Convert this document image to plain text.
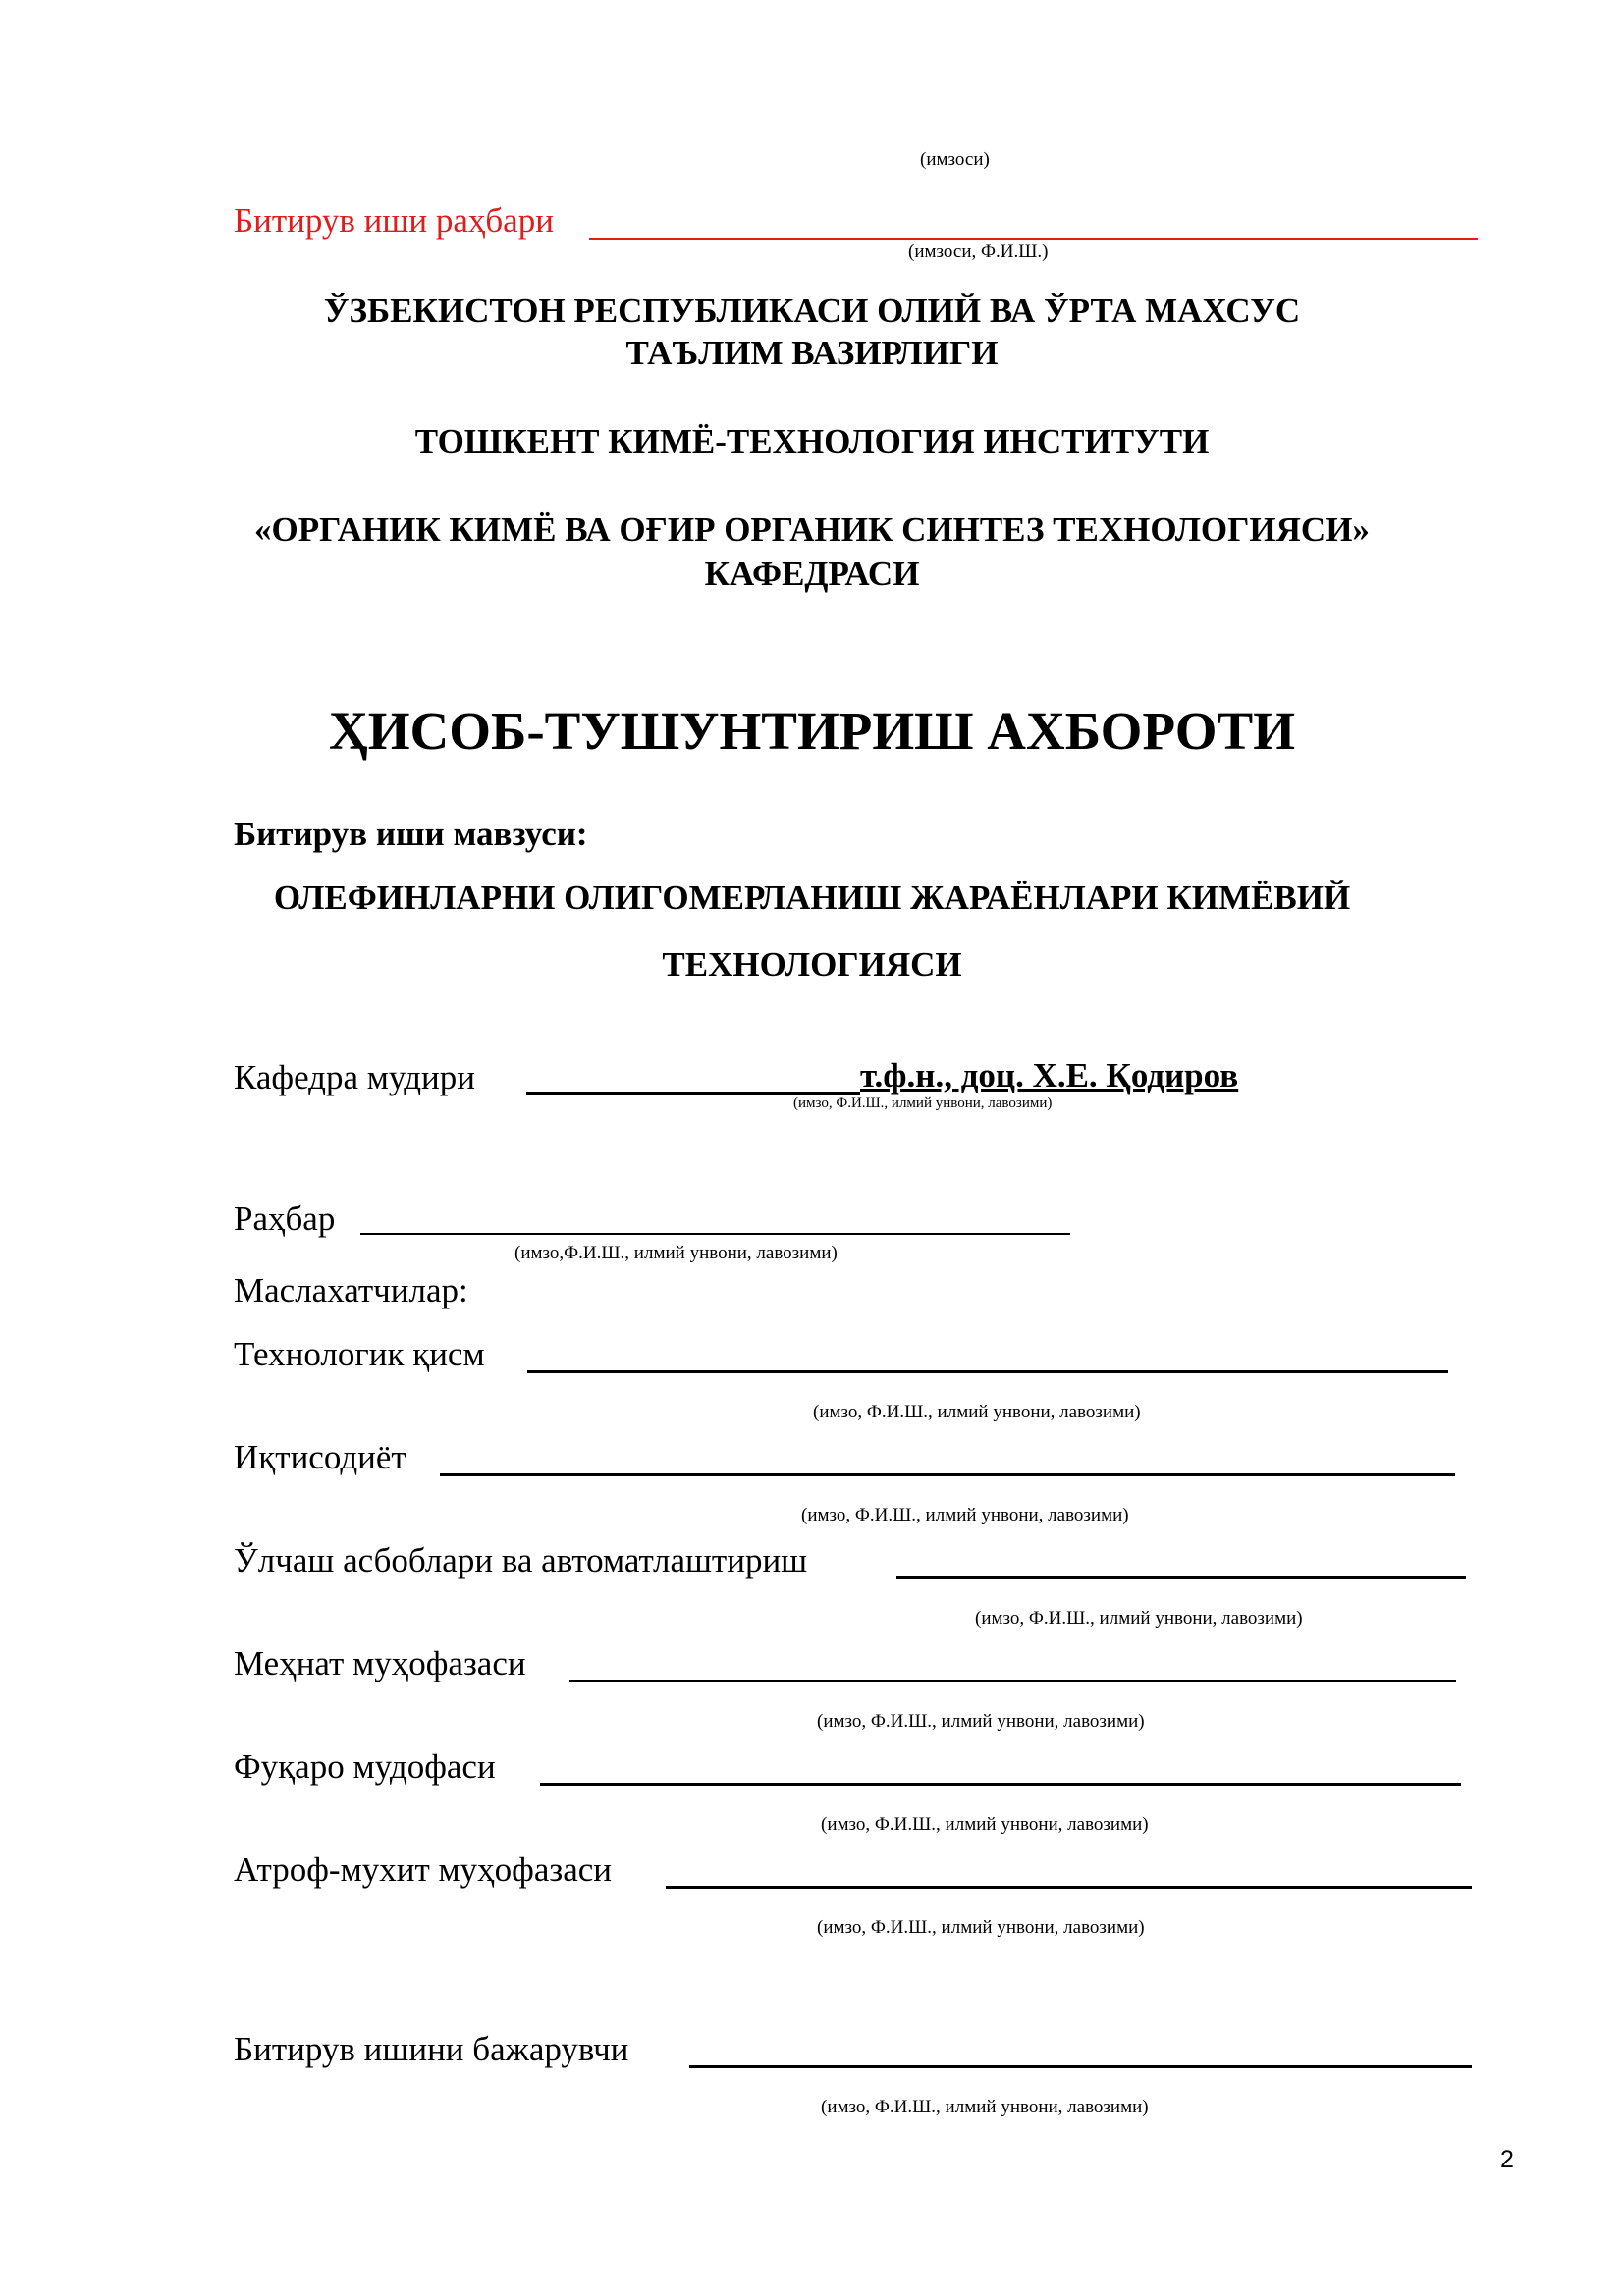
(имзоси)
Битирув иши раҳбари
(имзоси, Ф.И.Ш.)
ЎЗБЕКИСТОН РЕСПУБЛИКАСИ ОЛИЙ ВА ЎРТА МАХСУС
ТАЪЛИМ ВАЗИРЛИГИ
ТОШКЕНТ КИМЁ-ТЕХНОЛОГИЯ ИНСТИТУТИ
«ОРГАНИК КИМЁ ВА ОҒИР ОРГАНИК СИНТЕЗ ТЕХНОЛОГИЯСИ»
КАФЕДРАСИ
ҲИСОБ-ТУШУНТИРИШ АХБОРОТИ
Битирув иши мавзуси:
ОЛЕФИНЛАРНИ ОЛИГОМЕРЛАНИШ ЖАРАЁНЛАРИ КИМЁВИЙ
ТЕХНОЛОГИЯСИ
Кафедра мудири	т.ф.н., доц. Х.Е. Қодиров
(имзо, Ф.И.Ш., илмий унвони, лавозими)
Раҳбар
(имзо,Ф.И.Ш., илмий унвони, лавозими)
Маслахатчилар:
Технологик қисм
(имзо, Ф.И.Ш., илмий унвони, лавозими)
Иқтисодиёт
(имзо, Ф.И.Ш., илмий унвони, лавозими)
Ўлчаш асбоблари ва автоматлаштириш
(имзо, Ф.И.Ш., илмий унвони, лавозими)
Меҳнат муҳофазаси
(имзо, Ф.И.Ш., илмий унвони, лавозими)
Фуқаро мудофаси
(имзо, Ф.И.Ш., илмий унвони, лавозими)
Атроф-мухит муҳофазаси
(имзо, Ф.И.Ш., илмий унвони, лавозими)
Битирув ишини бажарувчи
(имзо, Ф.И.Ш., илмий унвони, лавозими)
2
